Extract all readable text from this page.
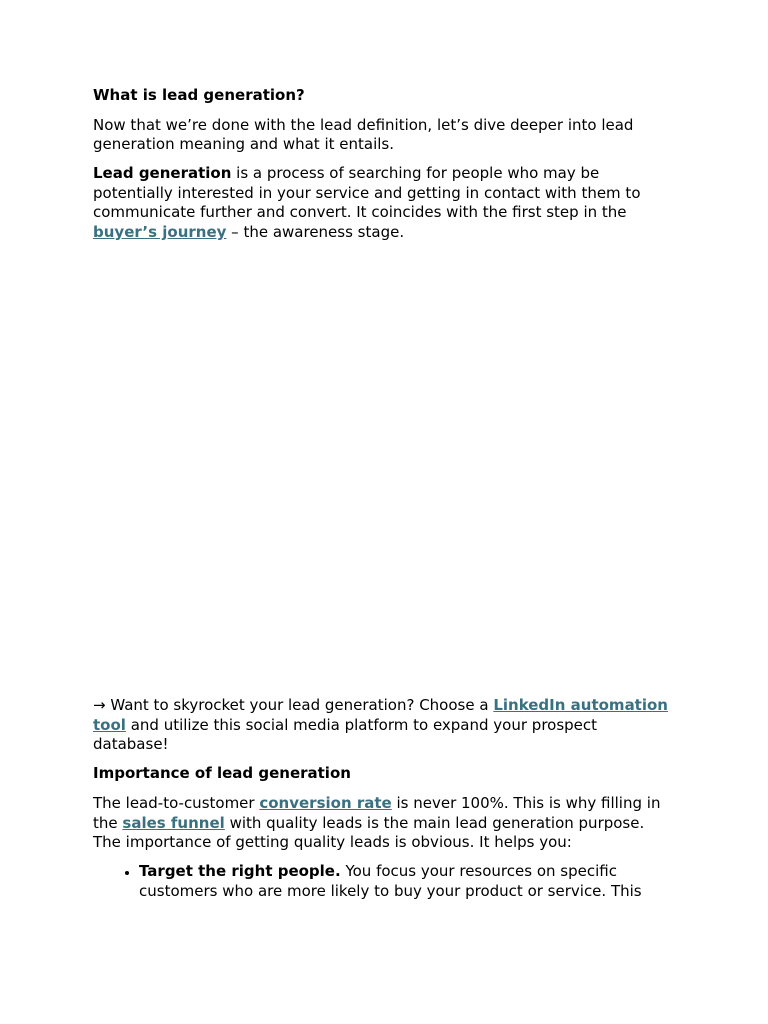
What is lead generation?

Now that we’re done with the lead definition, let’s dive deeper into lead generation meaning and what it entails.

Lead generation is a process of searching for people who may be potentially interested in your service and getting in contact with them to communicate further and convert. It coincides with the first step in the buyer’s journey – the awareness stage.

→ Want to skyrocket your lead generation? Choose a LinkedIn automation tool and utilize this social media platform to expand your prospect database!

Importance of lead generation

The lead-to-customer conversion rate is never 100%. This is why filling in the sales funnel with quality leads is the main lead generation purpose. The importance of getting quality leads is obvious. It helps you:

• Target the right people. You focus your resources on specific customers who are more likely to buy your product or service. This
